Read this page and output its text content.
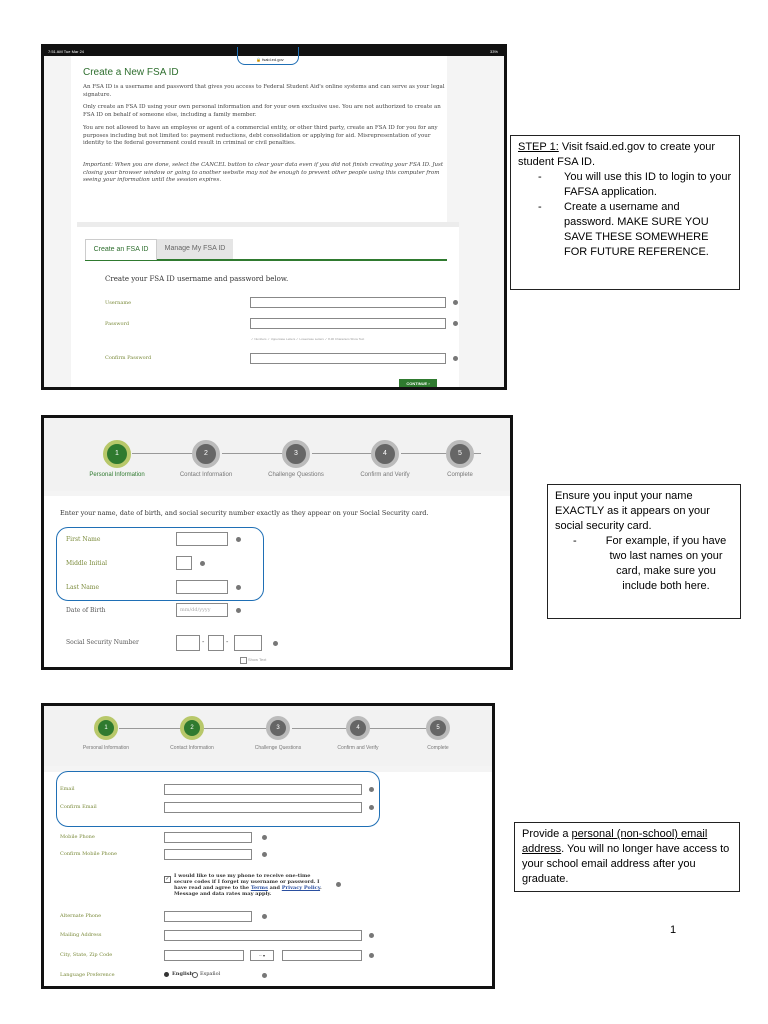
7:51 AM Tue Mar 24	33%
Create a New FSA ID
An FSA ID is a username and password that gives you access to Federal Student Aid's online systems and can serve as your legal signature.
Only create an FSA ID using your own personal information and for your own exclusive use. You are not authorized to create an FSA ID on behalf of someone else, including a family member.
You are not allowed to have an employee or agent of a commercial entity, or other third party, create an FSA ID for you for any purposes including but not limited to: payment reductions, debt consolidation or applying for aid. Misrepresentation of your identity to the federal government could result in criminal or civil penalties.
Important: When you are done, select the CANCEL button to clear your data even if you did not finish creating your FSA ID. Just closing your browser window or going to another website may not be enough to prevent other people using this computer from seeing your information until the session expires.
🔒 fsaid.ed.gov
Create an FSA ID	Manage My FSA ID
Create your FSA ID username and password below.
Username
Password
✓ Numbers ✓ Uppercase Letters ✓ Lowercase Letters ✓ 8-30 Characters Show Text
Confirm Password
CONTINUE ›
STEP 1: Visit fsaid.ed.gov to create your student FSA ID.
- You will use this ID to login to your FAFSA application.
- Create a username and password. MAKE SURE YOU SAVE THESE SOMEWHERE FOR FUTURE REFERENCE.
1	2	3	4	5
Personal Information	Contact Information	Challenge Questions	Confirm and Verify	Complete
Enter your name, date of birth, and social security number exactly as they appear on your Social Security card.
First Name
Middle Initial
Last Name
Date of Birth	mm/dd/yyyy
Social Security Number	-	-
Show Text
Ensure you input your name EXACTLY as it appears on your social security card.
- For example, if you have two last names on your card, make sure you include both here.
1	2	3	4	5
Personal Information	Contact Information	Challenge Questions	Confirm and Verify	Complete
Email
Confirm Email
Mobile Phone
Confirm Mobile Phone
✓ I would like to use my phone to receive one-time secure codes if I forget my username or password. I have read and agree to the Terms and Privacy Policy. Message and data rates may apply.
Alternate Phone
Mailing Address
City, State, Zip Code	-- ▾
Language Preference	English Español
Provide a personal (non-school) email address. You will no longer have access to your school email address after you graduate.
1
